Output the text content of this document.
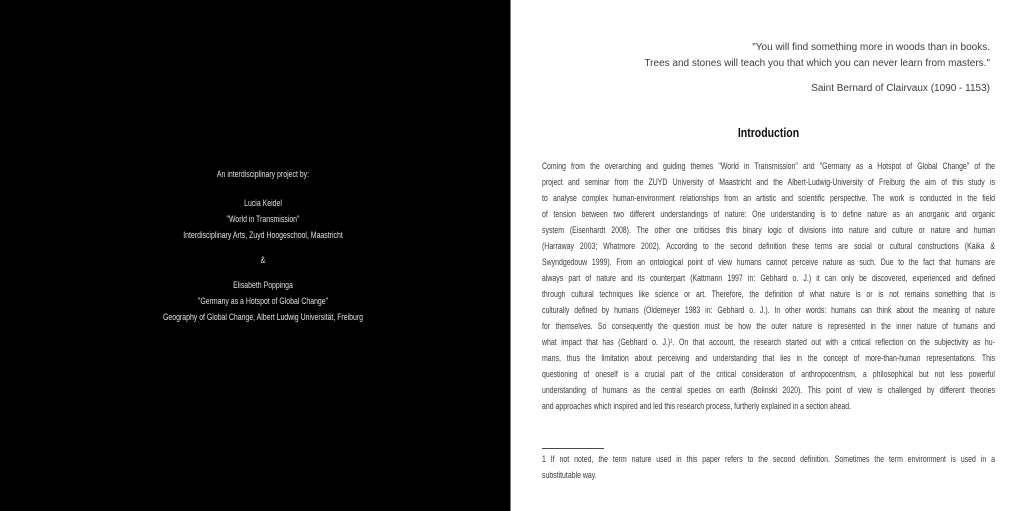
An interdisciplinary project by:
Lucia Keidel
"World in Transmission"
Interdisciplinary Arts, Zuyd Hoogeschool, Maastricht
&
Elisabeth Poppinga
"Germany as a Hotspot of Global Change"
Geography of Global Change, Albert Ludwig Universität, Freiburg
"You will find something more in woods than in books.
Trees and stones will teach you that which you can never learn from masters."
Saint Bernard of Clairvaux (1090 - 1153)
Introduction
Coming from the overarching and guiding themes "World in Transmission" and "Germany as a Hotspot of Global Change" of the
project and seminar from the ZUYD University of Maastricht and the Albert-Ludwig-University of Freiburg the aim of this study is
to analyse complex human-environment relationships from an artistic and scientific perspective. The work is conducted in the field
of tension between two different understandings of nature: One understanding is to define nature as an anorganic and organic
system (Eisenhardt 2008). The other one criticises this binary logic of divisions into nature and culture or nature and human
(Harraway 2003; Whatmore 2002). According to the second definition these terms are social or cultural constructions (Kaika &
Swyndgedouw 1999). From an ontological point of view humans cannot perceive nature as such. Due to the fact that humans are
always part of nature and its counterpart (Kattmann 1997 in: Gebhard o. J.) it can only be discovered, experienced and defined
through cultural techniques like science or art. Therefore, the definition of what nature is or is not remains something that is
culturally defined by humans (Oldemeyer 1983 in: Gebhard o. J.). In other words: humans can think about the meaning of nature
for themselves. So consequently the question must be how the outer nature is represented in the inner nature of humans and
what impact that has (Gebhard o. J.)¹. On that account, the research started out with a critical reflection on the subjectivity as hu-
mans, thus the limitation about perceiving and understanding that lies in the concept of more-than-human representations. This
questioning of oneself is a crucial part of the critical consideration of anthropocentrism, a philosophical but not less powerful
understanding of humans as the central species on earth (Bolinski 2020). This point of view is challenged by different theories
and approaches which inspired and led this research process, furtherly explained in a section ahead.
1 If not noted, the term nature used in this paper refers to the second definition. Sometimes the term environment is used in a
substitutable way.
